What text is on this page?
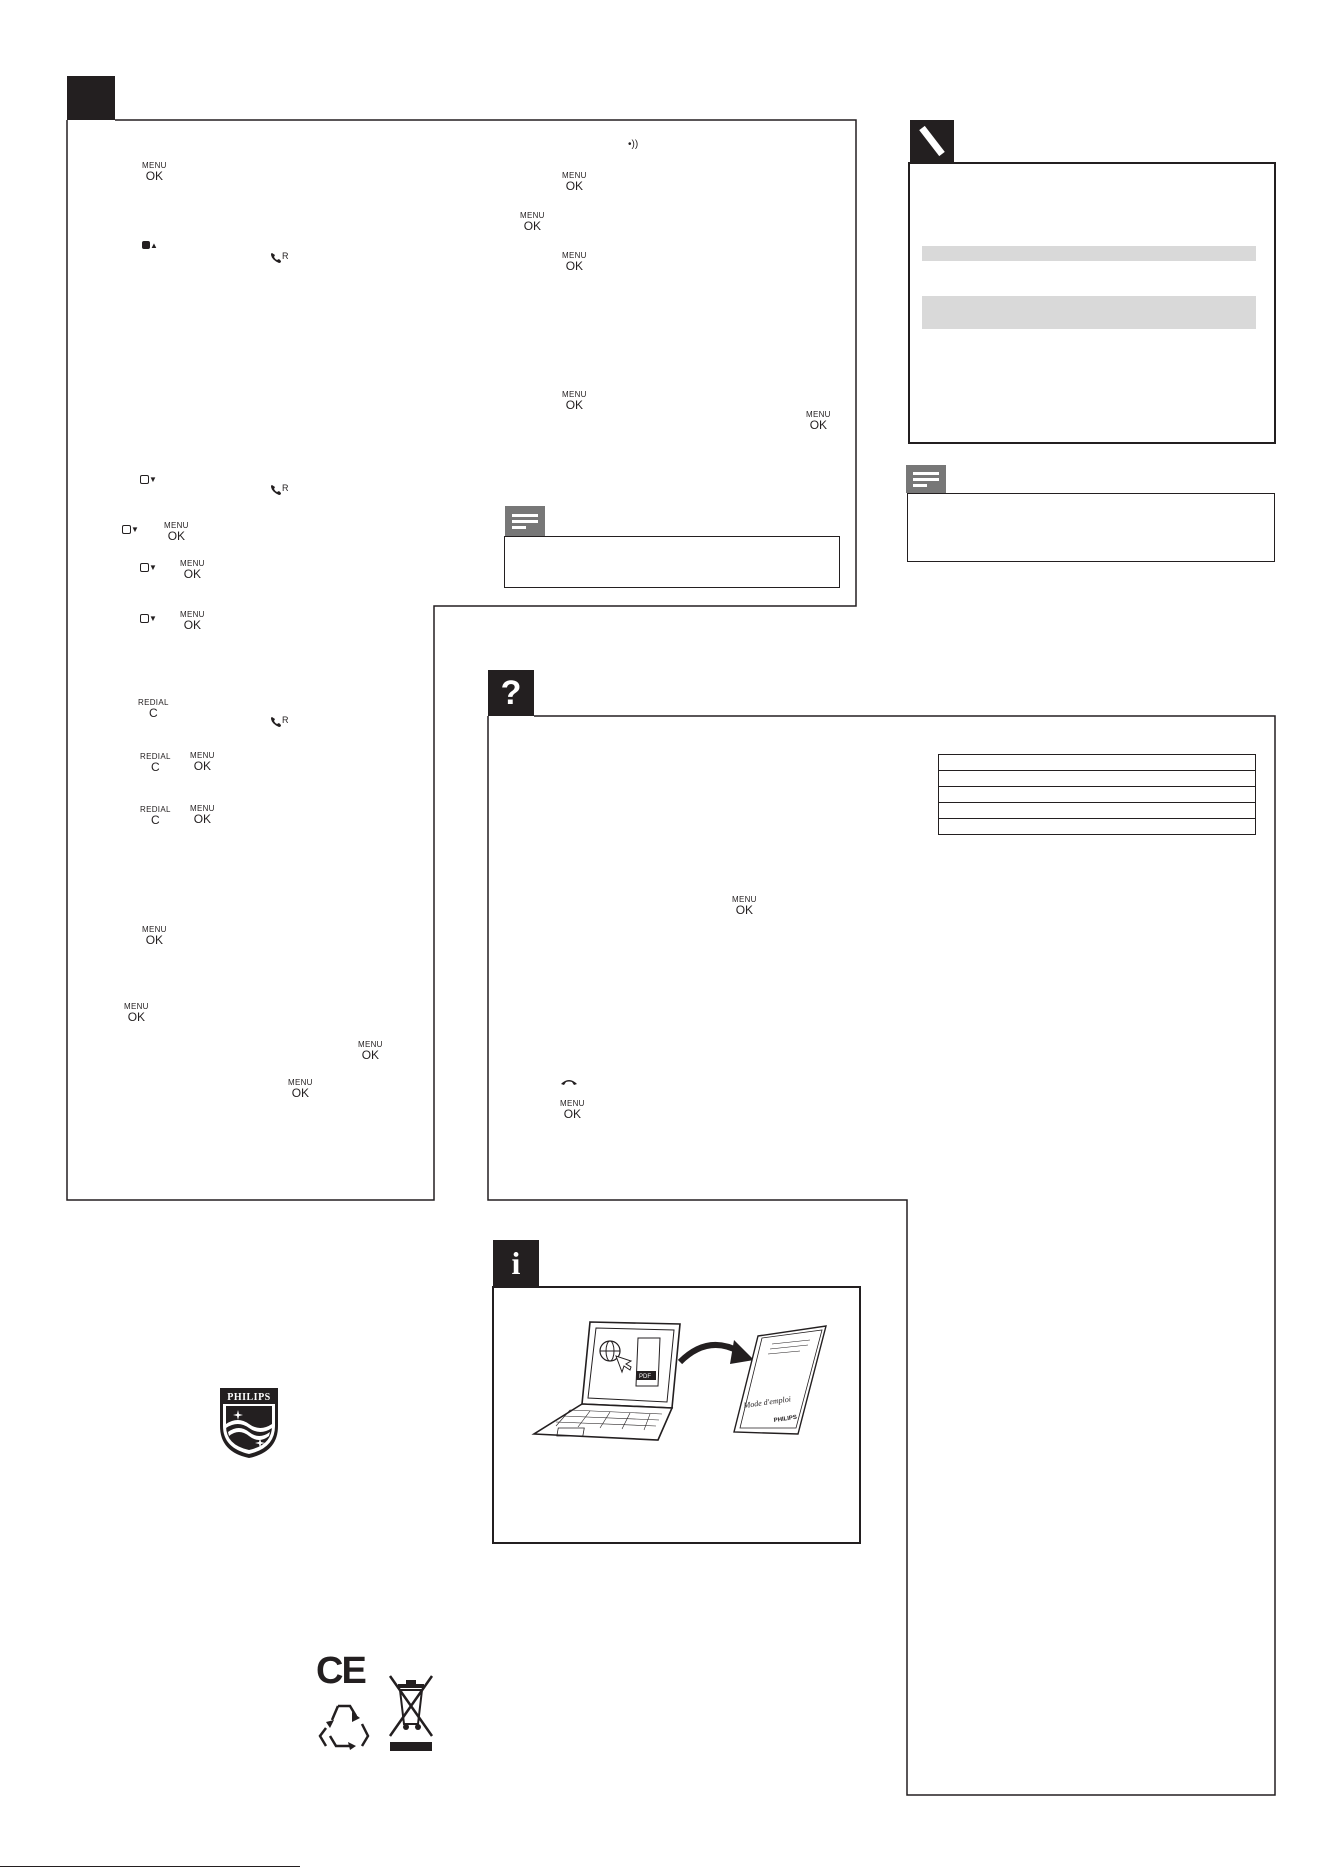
MENU
OK
▲
R
▼
R
▼	MENU
OK
▼	MENU
OK
▼	MENU
OK
REDIAL
C	R
REDIAL
C
MENU
OK
REDIAL
C
MENU
OK
MENU
OK
MENU
OK
MENU
OK
MENU
OK
•))
MENU
OK
MENU
OK
MENU
OK
MENU
OK
MENU
OK
?

MENU
OK
MENU
OK
i
PDF
Mode d'emploi
PHILIPS
PHILIPS
CE
